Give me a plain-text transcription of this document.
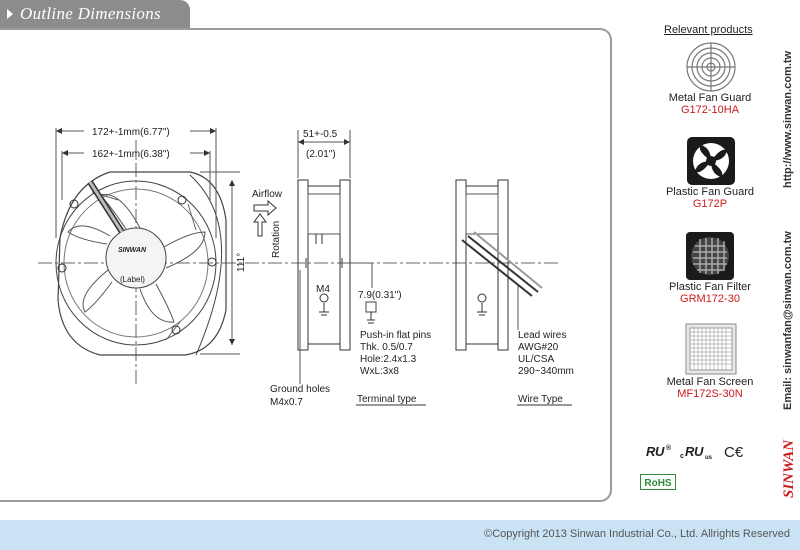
Outline Dimensions
172+-1mm(6.77")
162+-1mm(6.38")
111°
51+-0.5
(2.01")
Airflow
Rotation
SINWAN
(Label)
M4
7.9(0.31")
Ground holes
M4x0.7
Push-in flat pins
Thk. 0.5/0.7
Hole:2.4x1.3
WxL:3x8
Terminal type
Lead wires
AWG#20
UL/CSA
290~340mm
Wire Type
Relevant products
Metal Fan Guard
G172-10HA
Plastic Fan Guard
G172P
Plastic Fan Filter
GRM172-30
Metal Fan Screen
MF172S-30N
R U ®
c R U us C€
RoHS
http://www.sinwan.com.tw
Email: sinwanfan@sinwan.com.tw
SINWAN
©Copyright 2013 Sinwan Industrial Co., Ltd. Allrights Reserved
